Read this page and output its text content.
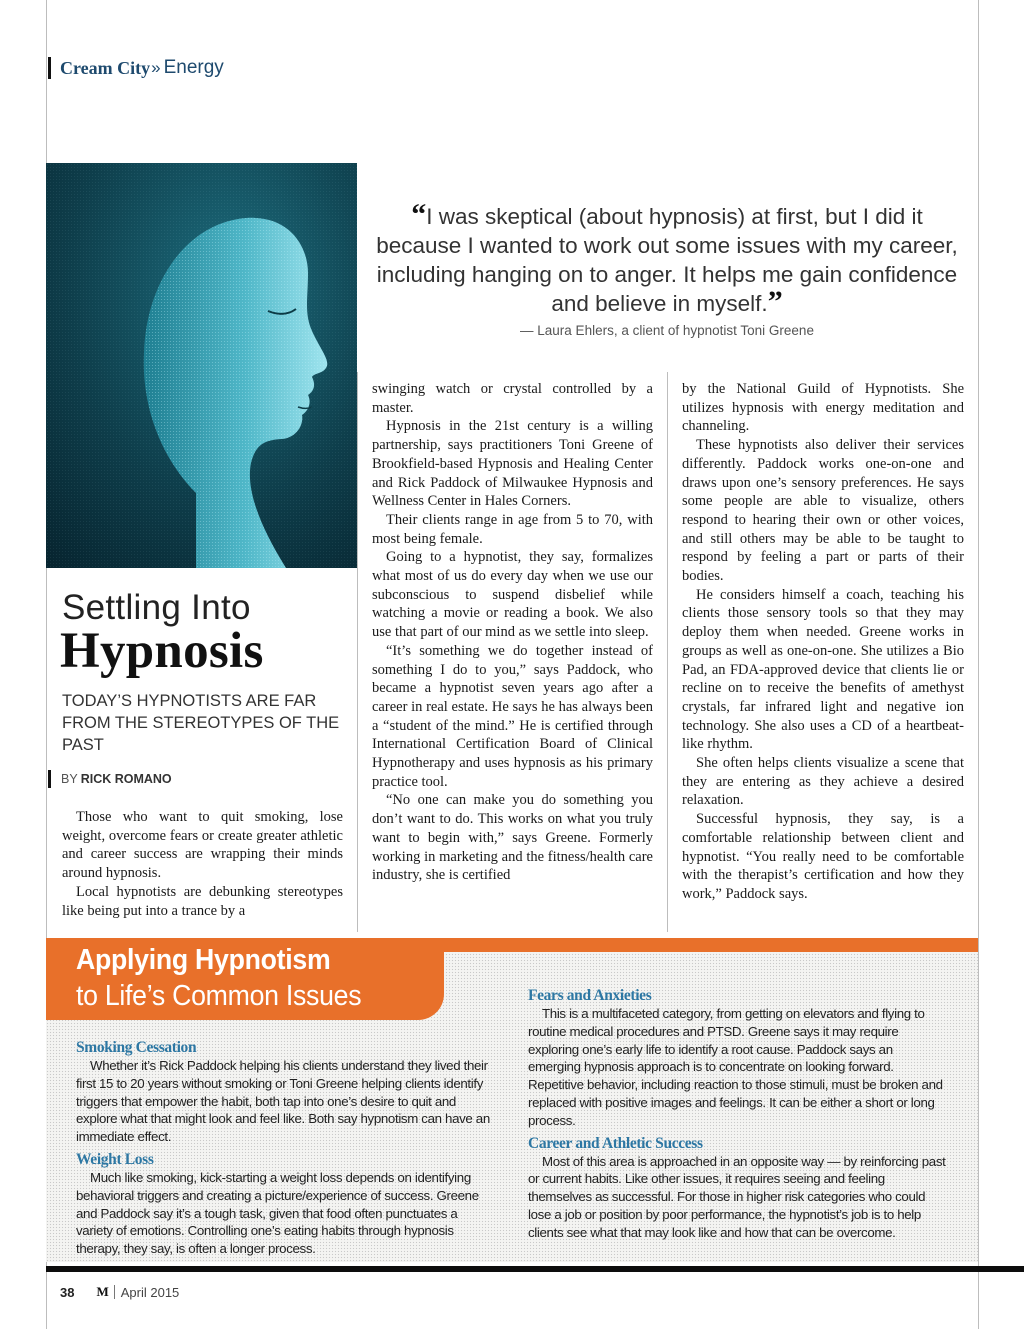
Cream City » Energy
“I was skeptical (about hypnosis) at first, but I did it because I wanted to work out some issues with my career, including hanging on to anger. It helps me gain confidence and believe in myself.”
— Laura Ehlers, a client of hypnotist Toni Greene
Settling Into
Hypnosis
TODAY’S HYPNOTISTS ARE FAR FROM THE STEREOTYPES OF THE PAST
BY RICK ROMANO

Those who want to quit smoking, lose weight, overcome fears or create greater athletic and career success are wrapping their minds around hypnosis.

Local hypnotists are debunking stereotypes like being put into a trance by a

swinging watch or crystal controlled by a master.

Hypnosis in the 21st century is a willing partnership, says practitioners Toni Greene of Brookfield-based Hypnosis and Healing Center and Rick Paddock of Milwaukee Hypnosis and Wellness Center in Hales Corners.

Their clients range in age from 5 to 70, with most being female.

Going to a hypnotist, they say, formalizes what most of us do every day when we use our subconscious to suspend disbelief while watching a movie or reading a book. We also use that part of our mind as we settle into sleep.

“It’s something we do together instead of something I do to you,” says Paddock, who became a hypnotist seven years ago after a career in real estate. He says he has always been a “student of the mind.” He is certified through International Certification Board of Clinical Hypnotherapy and uses hypnosis as his primary practice tool.

“No one can make you do something you don’t want to do. This works on what you truly want to begin with,” says Greene. Formerly working in marketing and the fitness/health care industry, she is certified

by the National Guild of Hypnotists. She utilizes hypnosis with energy meditation and channeling.

These hypnotists also deliver their services differently. Paddock works one-on-one and draws upon one’s sensory preferences. He says some people are able to visualize, others respond to hearing their own or other voices, and still others may be able to be taught to respond by feeling a part or parts of their bodies.

He considers himself a coach, teaching his clients those sensory tools so that they may deploy them when needed. Greene works in groups as well as one-on-one. She utilizes a Bio Pad, an FDA-approved device that clients lie or recline on to receive the benefits of amethyst crystals, far infrared light and negative ion technology. She also uses a CD of a heartbeat-like rhythm.

She often helps clients visualize a scene that they are entering as they achieve a desired relaxation.

Successful hypnosis, they say, is a comfortable relationship between client and hypnotist. “You really need to be comfortable with the therapist’s certification and how they work,” Paddock says.

Applying Hypnotism
to Life’s Common Issues
Smoking Cessation

Whether it’s Rick Paddock helping his clients understand they lived their first 15 to 20 years without smoking or Toni Greene helping clients identify triggers that empower the habit, both tap into one’s desire to quit and explore what that might look and feel like. Both say hypnotism can have an immediate effect.

Weight Loss

Much like smoking, kick-starting a weight loss depends on identifying behavioral triggers and creating a picture/experience of success. Greene and Paddock say it’s a tough task, given that food often punctuates a variety of emotions. Controlling one’s eating habits through hypnosis therapy, they say, is often a longer process.

Fears and Anxieties

This is a multifaceted category, from getting on elevators and flying to routine medical procedures and PTSD. Greene says it may require exploring one’s early life to identify a root cause. Paddock says an emerging hypnosis approach is to concentrate on looking forward. Repetitive behavior, including reaction to those stimuli, must be broken and replaced with positive images and feelings. It can be either a short or long process.

Career and Athletic Success

Most of this area is approached in an opposite way — by reinforcing past or current habits. Like other issues, it requires seeing and feeling themselves as successful. For those in higher risk categories who could lose a job or position by poor performance, the hypnotist’s job is to help clients see what that may look like and how that can be overcome.

38 M April 2015
